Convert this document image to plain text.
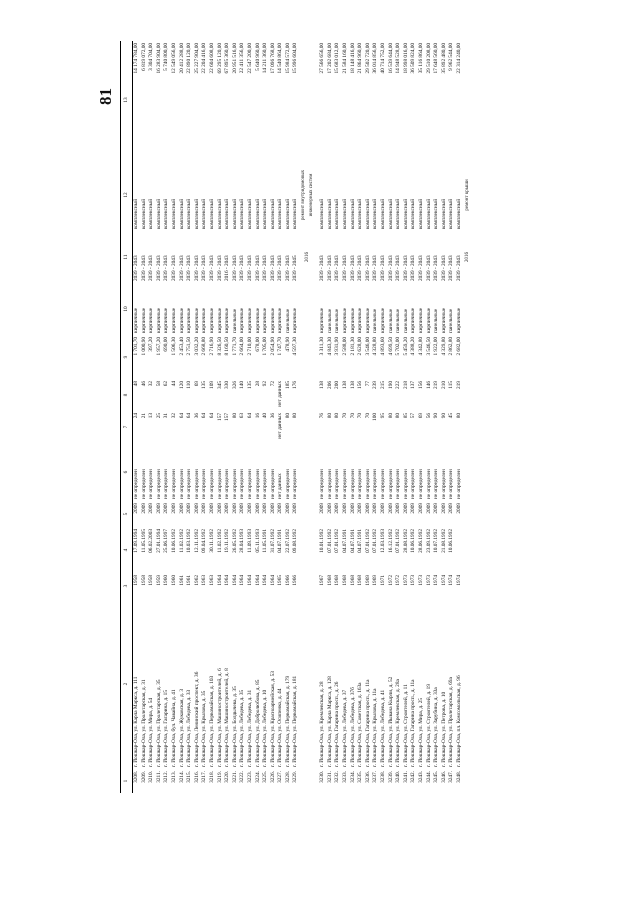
81
1	2	3	4	5	6	7	8	9	10	11	12	13
3208.	г. Йошкар-Ола, ул. Карла Маркса, д. 111	1958	17.09.1994	2009	не определен	24	48	1 701,70	кирпичные	2039 - 2043	комплексный	14 174 784,00
3209.	г. Йошкар-Ола, ул. Пролетарская, д. 31	1958	11.05.1995	2009	не определен	21	46	1 000,90	кирпичные	2039 - 2043	комплексный	6 819 072,00
3210.	г. Йошкар-Ола, ул. Мира, д. 54	1958	06.02.2003	2009	не определен	13	32	397,20	кирпичные	2039 - 2043	комплексный	3 304 704,00
3211.	г. Йошкар-Ола, ул. Пролетарская, д. 35	1959	27.01.1994	2009	не определен	25	58	1 957,20	кирпичные	2039 - 2043	комплексный	16 283 904,00
3212.	г. Йошкар-Ола, ул. Гагарина, д. 15	1960	25.06.1997	2009	не определен	31	62	690,00	кирпичные	2039 - 2043	комплексный	5 740 800,00
3213.	г. Йошкар-Ола, бул. Чавайна, д. 41	1960	10.06.1992	2009	не определен	32	44	1 506,30	кирпичные	2039 - 2043	комплексный	12 549 056,00
3214.	г. Йошкар-Ола, ул. Жуковская, д. 3	1961	11.02.1992	2009	не определен	64	120	2 453,40	кирпичные	2039 - 2043	комплексный	20 412 288,00
3215.	г. Йошкар-Ола, ул. Лебедева, д. 33	1961	10.03.1992	2009	не определен	64	110	2 751,50	кирпичные	2039 - 2043	комплексный	22 890 120,00
3216.	г. Йошкар-Ола, Ленинский проспект, д. 36	1962	12.11.1992	2009	не определен	36	69	3 032,20	кирпичные	2039 - 2043	комплексный	25 227 904,00
3217.	г. Йошкар-Ола, ул. Крылова, д. 35	1963	09.04.1992	2009	не определен	64	135	2 668,80	кирпичные	2039 - 2043	комплексный	22 204 416,00
3218.	г. Йошкар-Ола, ул. Первомайская, д. 103	1963	30.11.1992	2009	не определен	64	109	2 716,90	кирпичные	2039 - 2043	комплексный	22 604 608,00
3219.	г. Йошкар-Ола, ул. Машиностроителей, д. 6	1964	11.02.1992	2009	не определен	157	345	8 326,50	кирпичные	2039 - 2043	комплексный	69 295 120,00
3220.	г. Йошкар-Ола, ул. Машиностроителей, д. 8	1964	19.11.1992	2009	не определен	157	330	8 160,50	кирпичные	2016 - 2043	комплексный	67 895 360,00
3221.	г. Йошкар-Ола, ул. Болдычева, д. 35	1964	26.05.1992	2009	не определен	80	326	1 771,70	панельные	2039 - 2043	комплексный	20 951 516,00
3222.	г. Йошкар-Ола, ул. Лебедева, д. 35	1964	28.04.1993	2009	не определен	63	140	2 664,00	кирпичные	2039 - 2043	комплексный	22 411 356,00
3223.	г. Йошкар-Ола, ул. Лебедева, д. 31	1964	11.09.1993	2009	не определен	64	135	2 710,00	кирпичные	2039 - 2043	комплексный	22 547 200,00
3224.	г. Йошкар-Ола, ул. Добролюбова, д. 85	1964	05.11.1993	2009	не определен	16	28	678,00	кирпичные	2039 - 2043	комплексный	5 640 960,00
3225.	г. Йошкар-Ола, ул. Лебедева, д. 10	1964	11.05.1991	2009	не определен	40	92	1 705,00	кирпичные	2039 - 2043	комплексный	14 211 360,00
3226.	г. Йошкар-Ола, ул. Красноармейская, д. 53	1964	31.07.1992	2009	не определен	36	72	2 054,90	кирпичные	2039 - 2043	комплексный	17 096 768,00
3227.	г. Йошкар-Ола, ул. Осипенко, д. 44	1965	04.07.1991	2009	нет данных	нет данных	нет данных	1 747,70	кирпичные	2039 - 2043	комплексный	14 540 864,00
3228.	г. Йошкар-Ола, ул. Первомайская, д. 179	1966	22.07.1992	2009	не определен	80	185	478,90	панельные	2039 - 2043	комплексный	15 984 572,00
3229.	г. Йошкар-Ола, ул. Первомайская, д. 181	1966	09.08.1992	2009	не определен	80	176	4 597,30	кирпичные	2039 - 2045	комплексный	15 996 604,00
										2016	ремонт внутридомовых инженерных систем	

3230.	г. Йошкар-Ола, ул. Кремлевская, д. 28	1967	10.01.1992	2009	не определен	76	138	3 311,30	кирпичные	2039 - 2043	комплексный	27 566 656,00
3231.	г. Йошкар-Ола, ул. Карла Маркса, д. 128	1968	07.01.1992	2009	не определен	80	206	4 843,30	панельные	2039 - 2043	комплексный	17 202 684,00
3232.	г. Йошкар-Ола, Гагарина просп., д. 26	1968	07.01.1992	2009	не определен	80	200	3 931,90	панельные	2039 - 2043	комплексный	15 683 012,00
3233.	г. Йошкар-Ола, ул. Лебедева, д. 37	1968	04.07.1991	2009	не определен	70	138	2 588,00	кирпичные	2039 - 2043	комплексный	21 584 160,00
3234.	г. Йошкар-Ола, ул. Лебедева, д. 37б	1968	04.07.1991	2009	не определен	70	138	2 181,30	кирпичные	2039 - 2043	комплексный	18 148 416,00
3235.	г. Йошкар-Ола, ул. Советская, д. 163а	1968	04.07.1991	2009	не определен	70	156	2 628,00	кирпичные	2039 - 2043	комплексный	21 864 960,00
3236.	г. Йошкар-Ола, Гагарина просп., д. 11а	1969	07.01.1992	2009	не определен	70	77	3 546,00	кирпичные	2039 - 2043	комплексный	29 502 720,00
3237.	г. Йошкар-Ола, ул. Крылова, д. 11а	1969	07.01.1992	2009	не определен	100	239	4 328,80	панельные	2039 - 2043	комплексный	36 014 856,00
3238.	г. Йошкар-Ола, ул. Лебедева, д. 41	1971	12.03.1993	2009	не определен	95	215	4 893,60	кирпичные	2039 - 2043	комплексный	40 714 752,00
3239.	г. Йошкар-Ола, ул. Йывана Кырли, д. 52	1972	16.12.1992	2009	не определен	80	190	4 699,50	панельные	2039 - 2043	комплексный	16 539 644,00
3240.	г. Йошкар-Ола, ул. Кремлевская, д. 28а	1972	07.01.1992	2009	не определен	80	222	5 702,00	панельные	2039 - 2043	комплексный	14 948 528,00
3241.	г. Йошкар-Ола, ул. Строителей, д. 11	1973	28.08.1992	2009	не определен	85	218	5 459,20	панельные	2039 - 2043	комплексный	18 998 016,00
3242.	г. Йошкар-Ола, Гагарина просп., д. 11а	1973	10.06.1992	2009	не определен	57	137	4 388,20	кирпичные	2039 - 2043	комплексный	36 509 824,00
3243.	г. Йошкар-Ола, ул. Мира, д. 25	1973	28.06.1992	2009	не определен	69	156	4 342,80	кирпичные	2039 - 2043	комплексный	35 116 864,00
3244.	г. Йошкар-Ола, ул. Строителей, д. 19	1973	23.09.1992	2009	не определен	56	146	3 546,50	кирпичные	2039 - 2043	комплексный	29 510 208,00
3245.	г. Йошкар-Ола, ул. Зарубина, д. 33а	1974	10.07.1992	2009	не определен	90	219	1 922,00	панельные	2039 - 2043	комплексный	17 648 560,00
3246.	г. Йошкар-Ола, ул. Петрова, д. 10	1974	21.08.1992	2009	не определен	90	210	4 329,80	кирпичные	2039 - 2043	комплексный	35 892 480,00
3247.	г. Йошкар-Ола, ул. Пролетарская, д. 69а	1974	10.06.1992	2009	не определен	45	115	2 862,80	панельные	2039 - 2043	комплексный	9 962 544,00
3248.	г. Йошкар-Ола, пл. Комсомольская, д. 96	1974		2009	не определен	80	219	2 682,00	кирпичные	2039 - 2043	комплексный	22 314 240,00
										2016	ремонт крыши	
